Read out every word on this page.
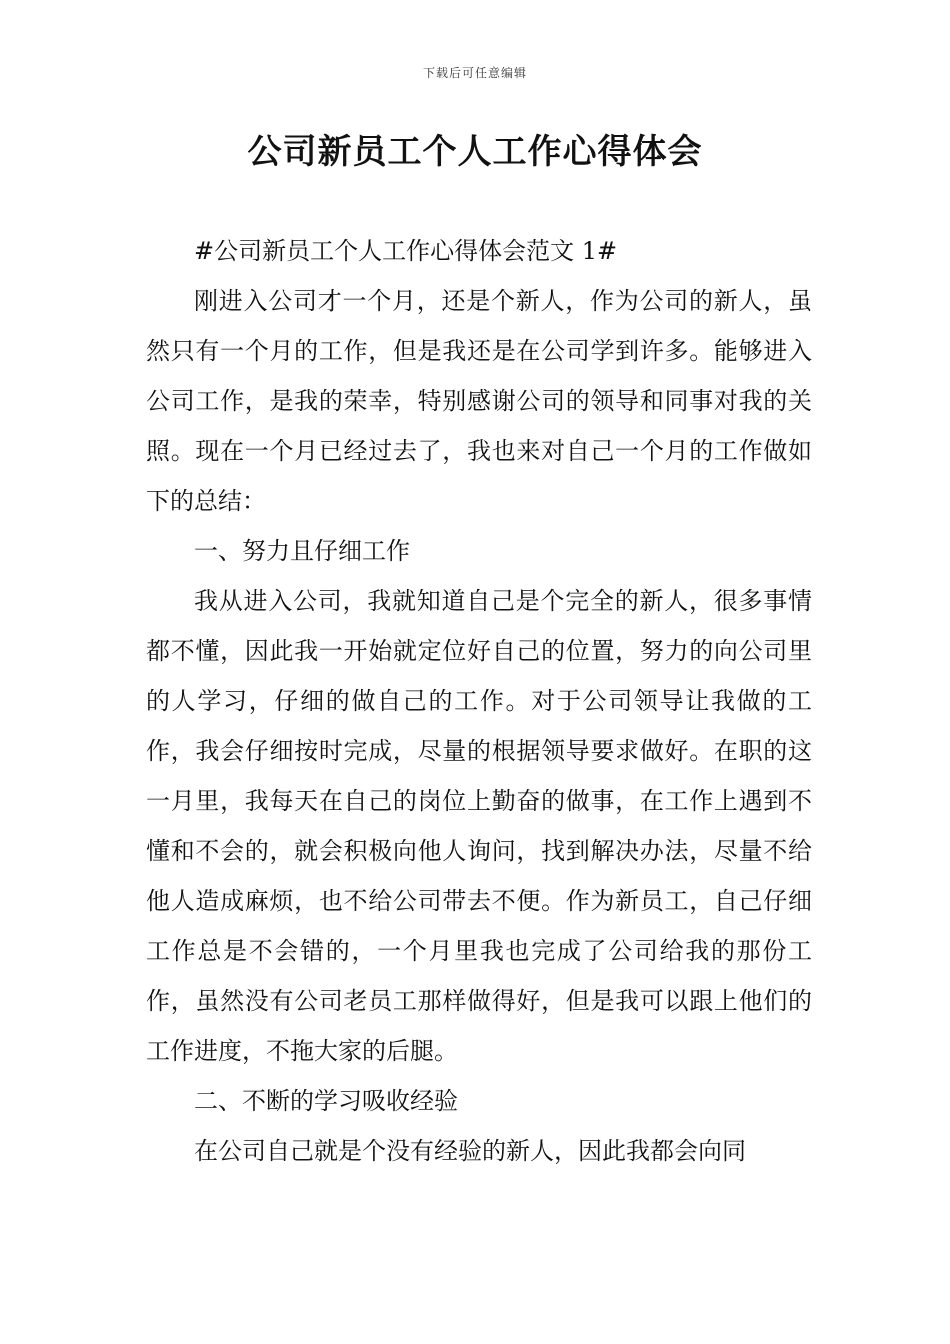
下载后可任意编辑
公司新员工个人工作心得体会

#公司新员工个人工作心得体会范文 1#

刚进入公司才一个月，还是个新人，作为公司的新人，虽然只有一个月的工作，但是我还是在公司学到许多。能够进入公司工作，是我的荣幸，特别感谢公司的领导和同事对我的关照。现在一个月已经过去了，我也来对自己一个月的工作做如下的总结：

一、努力且仔细工作

我从进入公司，我就知道自己是个完全的新人，很多事情都不懂，因此我一开始就定位好自己的位置，努力的向公司里的人学习，仔细的做自己的工作。对于公司领导让我做的工作，我会仔细按时完成，尽量的根据领导要求做好。在职的这一月里，我每天在自己的岗位上勤奋的做事，在工作上遇到不懂和不会的，就会积极向他人询问，找到解决办法，尽量不给他人造成麻烦，也不给公司带去不便。作为新员工，自己仔细工作总是不会错的，一个月里我也完成了公司给我的那份工作，虽然没有公司老员工那样做得好，但是我可以跟上他们的工作进度，不拖大家的后腿。

二、不断的学习吸收经验

在公司自己就是个没有经验的新人，因此我都会向同
